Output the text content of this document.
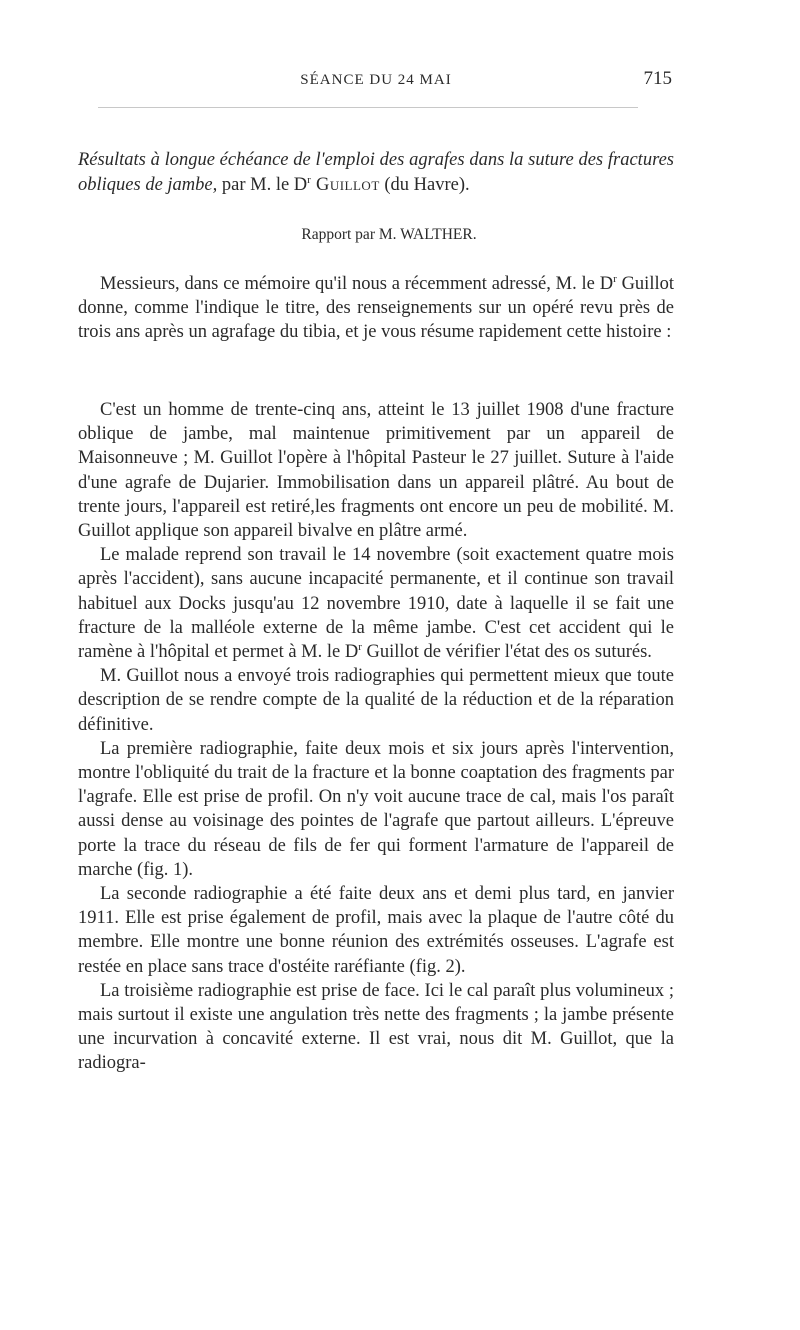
SÉANCE DU 24 MAI	715
Résultats à longue échéance de l'emploi des agrafes dans la suture des fractures obliques de jambe, par M. le $D^r$ Guillot (du Havre).
Rapport par M. WALTHER.

Messieurs, dans ce mémoire qu'il nous a récemment adressé, M. le $D^r$ Guillot donne, comme l'indique le titre, des renseignements sur un opéré revu près de trois ans après un agrafage du tibia, et je vous résume rapidement cette histoire :

C'est un homme de trente-cinq ans, atteint le 13 juillet 1908 d'une fracture oblique de jambe, mal maintenue primitivement par un appareil de Maisonneuve ; M. Guillot l'opère à l'hôpital Pasteur le 27 juillet. Suture à l'aide d'une agrafe de Dujarier. Immobilisation dans un appareil plâtré. Au bout de trente jours, l'appareil est retiré,les fragments ont encore un peu de mobilité. M. Guillot applique son appareil bivalve en plâtre armé.

Le malade reprend son travail le 14 novembre (soit exactement quatre mois après l'accident), sans aucune incapacité permanente, et il continue son travail habituel aux Docks jusqu'au 12 novembre 1910, date à laquelle il se fait une fracture de la malléole externe de la même jambe. C'est cet accident qui le ramène à l'hôpital et permet à M. le $D^r$ Guillot de vérifier l'état des os suturés.

M. Guillot nous a envoyé trois radiographies qui permettent mieux que toute description de se rendre compte de la qualité de la réduction et de la réparation définitive.

La première radiographie, faite deux mois et six jours après l'intervention, montre l'obliquité du trait de la fracture et la bonne coaptation des fragments par l'agrafe. Elle est prise de profil. On n'y voit aucune trace de cal, mais l'os paraît aussi dense au voisinage des pointes de l'agrafe que partout ailleurs. L'épreuve porte la trace du réseau de fils de fer qui forment l'armature de l'appareil de marche (fig. 1).

La seconde radiographie a été faite deux ans et demi plus tard, en janvier 1911. Elle est prise également de profil, mais avec la plaque de l'autre côté du membre. Elle montre une bonne réunion des extrémités osseuses. L'agrafe est restée en place sans trace d'ostéite raréfiante (fig. 2).

La troisième radiographie est prise de face. Ici le cal paraît plus volumineux ; mais surtout il existe une angulation très nette des fragments ; la jambe présente une incurvation à concavité externe. Il est vrai, nous dit M. Guillot, que la radiogra-
